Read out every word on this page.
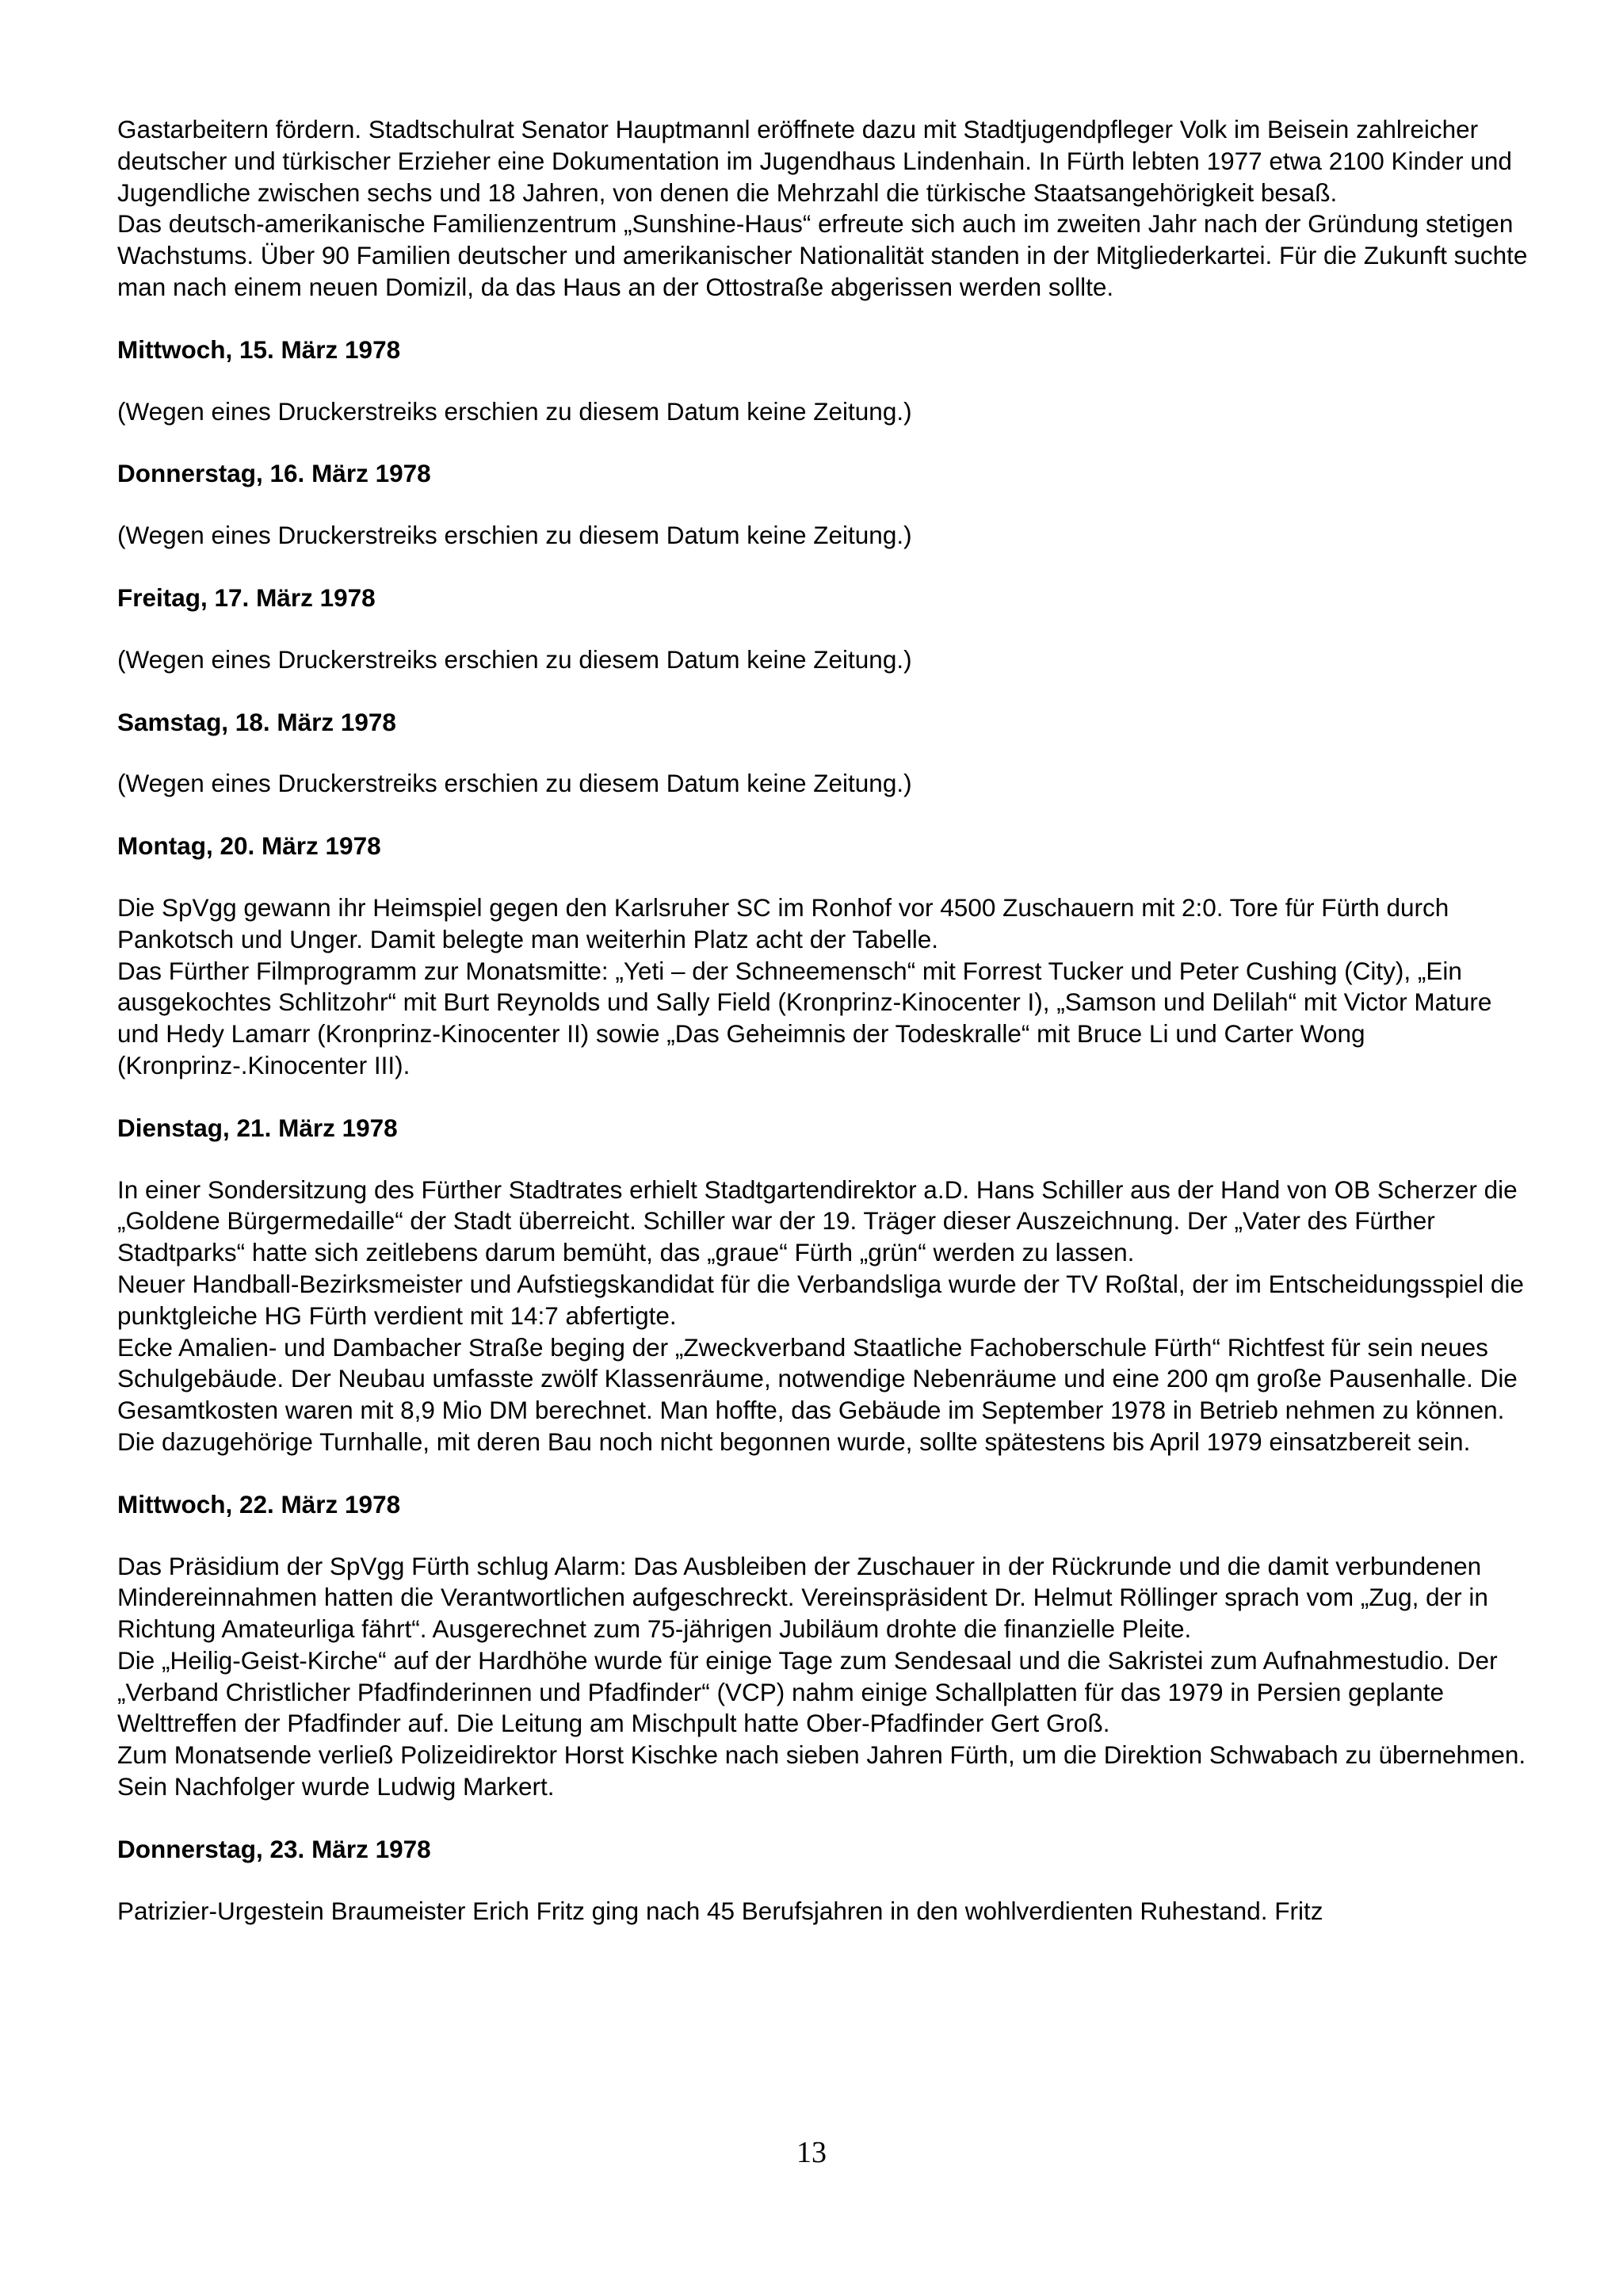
Gastarbeitern fördern. Stadtschulrat Senator Hauptmannl eröffnete dazu mit Stadtjugendpfleger Volk im Beisein zahlreicher deutscher und türkischer Erzieher eine Dokumentation im Jugendhaus Lindenhain. In Fürth lebten 1977 etwa 2100 Kinder und Jugendliche zwischen sechs und 18 Jahren, von denen die Mehrzahl die türkische Staatsangehörigkeit besaß.

Das deutsch-amerikanische Familienzentrum „Sunshine-Haus“ erfreute sich auch im zweiten Jahr nach der Gründung stetigen Wachstums. Über 90 Familien deutscher und amerikanischer Nationalität standen in der Mitgliederkartei. Für die Zukunft suchte man nach einem neuen Domizil, da das Haus an der Ottostraße abgerissen werden sollte.

Mittwoch, 15. März 1978

(Wegen eines Druckerstreiks erschien zu diesem Datum keine Zeitung.)

Donnerstag, 16. März 1978

(Wegen eines Druckerstreiks erschien zu diesem Datum keine Zeitung.)

Freitag, 17. März 1978

(Wegen eines Druckerstreiks erschien zu diesem Datum keine Zeitung.)

Samstag, 18. März 1978

(Wegen eines Druckerstreiks erschien zu diesem Datum keine Zeitung.)

Montag, 20. März 1978

Die SpVgg gewann ihr Heimspiel gegen den Karlsruher SC im Ronhof vor 4500 Zuschauern mit 2:0. Tore für Fürth durch Pankotsch und Unger. Damit belegte man weiterhin Platz acht der Tabelle.

Das Fürther Filmprogramm zur Monatsmitte: „Yeti – der Schneemensch“ mit Forrest Tucker und Peter Cushing (City), „Ein ausgekochtes Schlitzohr“ mit Burt Reynolds und Sally Field (Kronprinz-Kinocenter I), „Samson und Delilah“ mit Victor Mature und Hedy Lamarr (Kronprinz-Kinocenter II) sowie „Das Geheimnis der Todeskralle“ mit Bruce Li und Carter Wong (Kronprinz-.Kinocenter III).

Dienstag, 21. März 1978

In einer Sondersitzung des Fürther Stadtrates erhielt Stadtgartendirektor a.D. Hans Schiller aus der Hand von OB Scherzer die „Goldene Bürgermedaille“ der Stadt überreicht. Schiller war der 19. Träger dieser Auszeichnung. Der „Vater des Fürther Stadtparks“ hatte sich zeitlebens darum bemüht, das „graue“ Fürth „grün“ werden zu lassen.

Neuer Handball-Bezirksmeister und Aufstiegskandidat für die Verbandsliga wurde der TV Roßtal, der im Entscheidungsspiel die punktgleiche HG Fürth verdient mit 14:7 abfertigte.

Ecke Amalien- und Dambacher Straße beging der „Zweckverband Staatliche Fachoberschule Fürth“ Richtfest für sein neues Schulgebäude. Der Neubau umfasste zwölf Klassenräume, notwendige Nebenräume und eine 200 qm große Pausenhalle. Die Gesamtkosten waren mit 8,9 Mio DM berechnet. Man hoffte, das Gebäude im September 1978 in Betrieb nehmen zu können. Die dazugehörige Turnhalle, mit deren Bau noch nicht begonnen wurde, sollte spätestens bis April 1979 einsatzbereit sein.

Mittwoch, 22. März 1978

Das Präsidium der SpVgg Fürth schlug Alarm: Das Ausbleiben der Zuschauer in der Rückrunde und die damit verbundenen Mindereinnahmen hatten die Verantwortlichen aufgeschreckt. Vereinspräsident Dr. Helmut Röllinger sprach vom „Zug, der in Richtung Amateurliga fährt“. Ausgerechnet zum 75-jährigen Jubiläum drohte die finanzielle Pleite.

Die „Heilig-Geist-Kirche“ auf der Hardhöhe wurde für einige Tage zum Sendesaal und die Sakristei zum Aufnahmestudio. Der „Verband Christlicher Pfadfinderinnen und Pfadfinder“ (VCP) nahm einige Schallplatten für das 1979 in Persien geplante Welttreffen der Pfadfinder auf. Die Leitung am Mischpult hatte Ober-Pfadfinder Gert Groß.

Zum Monatsende verließ Polizeidirektor Horst Kischke nach sieben Jahren Fürth, um die Direktion Schwabach zu übernehmen. Sein Nachfolger wurde Ludwig Markert.

Donnerstag, 23. März 1978

Patrizier-Urgestein Braumeister Erich Fritz ging nach 45 Berufsjahren in den wohlverdienten Ruhestand. Fritz

13
